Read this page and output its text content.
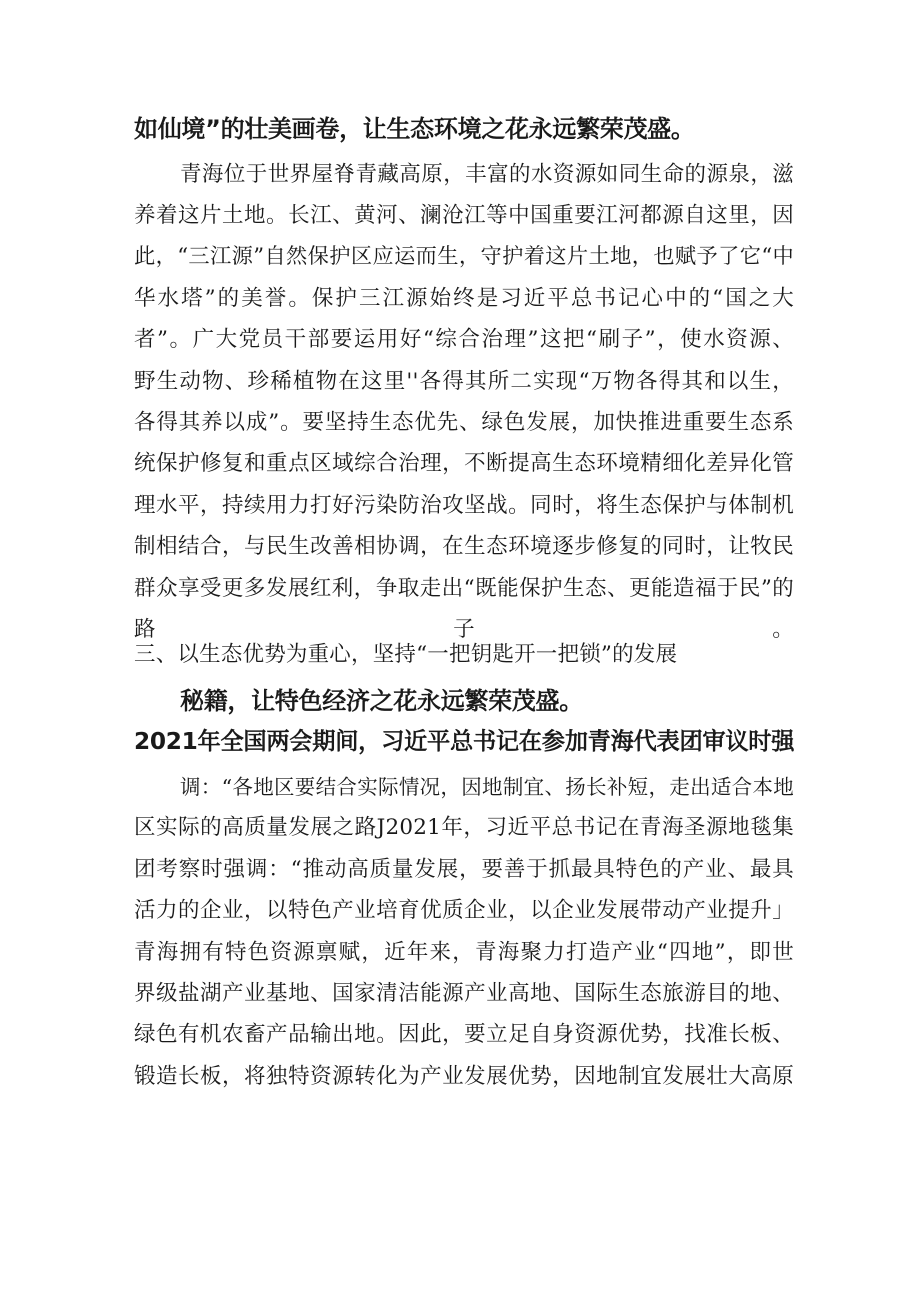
如仙境”的壮美画卷，让生态环境之花永远繁荣茂盛。
青海位于世界屋脊青藏高原，丰富的水资源如同生命的源泉，滋
养着这片土地。长江、黄河、澜沧江等中国重要江河都源自这里，因
此，“三江源”自然保护区应运而生，守护着这片土地，也赋予了它“中
华水塔”的美誉。保护三江源始终是习近平总书记心中的“国之大
者”。广大党员干部要运用好“综合治理”这把“刷子”，使水资源、
野生动物、珍稀植物在这里''各得其所二实现“万物各得其和以生，
各得其养以成”。要坚持生态优先、绿色发展，加快推进重要生态系
统保护修复和重点区域综合治理，不断提高生态环境精细化差异化管
理水平，持续用力打好污染防治攻坚战。同时，将生态保护与体制机
制相结合，与民生改善相协调，在生态环境逐步修复的同时，让牧民
群众享受更多发展红利，争取走出“既能保护生态、更能造福于民”的
路子。
三、以生态优势为重心，坚持“一把钥匙开一把锁”的发展
秘籍，让特色经济之花永远繁荣茂盛。
2021年全国两会期间，习近平总书记在参加青海代表团审议时强
调：“各地区要结合实际情况，因地制宜、扬长补短，走出适合本地
区实际的高质量发展之路J2021年，习近平总书记在青海圣源地毯集
团考察时强调：“推动高质量发展，要善于抓最具特色的产业、最具
活力的企业，以特色产业培育优质企业，以企业发展带动产业提升」
青海拥有特色资源禀赋，近年来，青海聚力打造产业“四地”，即世
界级盐湖产业基地、国家清洁能源产业高地、国际生态旅游目的地、
绿色有机农畜产品输出地。因此，要立足自身资源优势，找准长板、
锻造长板，将独特资源转化为产业发展优势，因地制宜发展壮大高原
